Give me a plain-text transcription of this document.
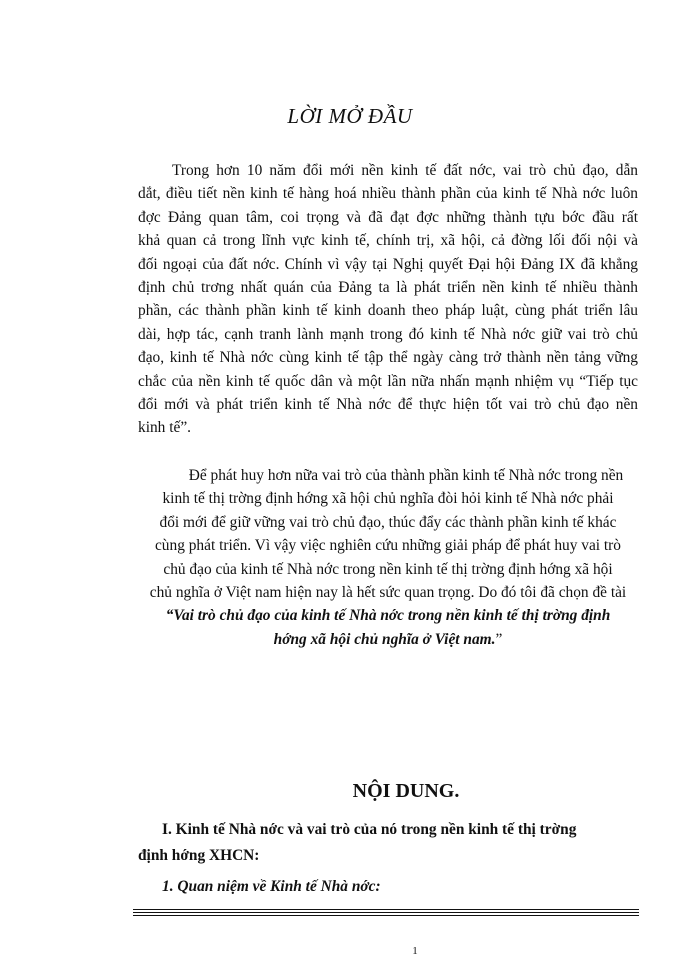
LỜI MỞ ĐẦU

Trong hơn 10 năm đổi mới nền kinh tế đất nớc, vai trò chủ đạo, dẫn
dắt, điều tiết nền kinh tế hàng hoá nhiều thành phần của kinh tế Nhà nớc luôn
đợc Đảng quan tâm, coi trọng và đã đạt đợc những thành tựu bớc đầu rất
khả quan cả trong lĩnh vực kinh tế, chính trị, xã hội, cả đờng lối đối nội và
đối ngoại của đất nớc. Chính vì vậy tại Nghị quyết Đại hội Đảng IX đã khẳng
định chủ trơng nhất quán của Đảng ta là phát triển nền kinh tế nhiều thành
phần, các thành phần kinh tế kinh doanh theo pháp luật, cùng phát triển lâu
dài, hợp tác, cạnh tranh lành mạnh trong đó kinh tế Nhà nớc giữ vai trò chủ
đạo, kinh tế Nhà nớc cùng kinh tế tập thể ngày càng trở thành nền tảng vững
chắc của nền kinh tế quốc dân và một lần nữa nhấn mạnh nhiệm vụ “Tiếp tục
đổi mới và phát triển kinh tế Nhà nớc để thực hiện tốt vai trò chủ đạo nền
kinh tế”.

Để phát huy hơn nữa vai trò của thành phần kinh tế Nhà nớc trong nền
kinh tế thị trờng định hớng xã hội chủ nghĩa đòi hỏi kinh tế Nhà nớc phải
đổi mới để giữ vững vai trò chủ đạo, thúc đẩy các thành phần kinh tế khác
cùng phát triển. Vì vậy việc nghiên cứu những giải pháp để phát huy vai trò
chủ đạo của kinh tế Nhà nớc trong nền kinh tế thị trờng định hớng xã hội
chủ nghĩa ở Việt nam hiện nay là hết sức quan trọng. Do đó tôi đã chọn đề tài
“Vai trò chủ đạo của kinh tế Nhà nớc trong nền kinh tế thị trờng định
hớng xã hội chủ nghĩa ở Việt nam.”

NỘI DUNG.
I. Kinh tế Nhà nớc và vai trò của nó trong nền kinh tế thị trờng
định hớng XHCN:
1. Quan niệm về Kinh tế Nhà nớc:
1
